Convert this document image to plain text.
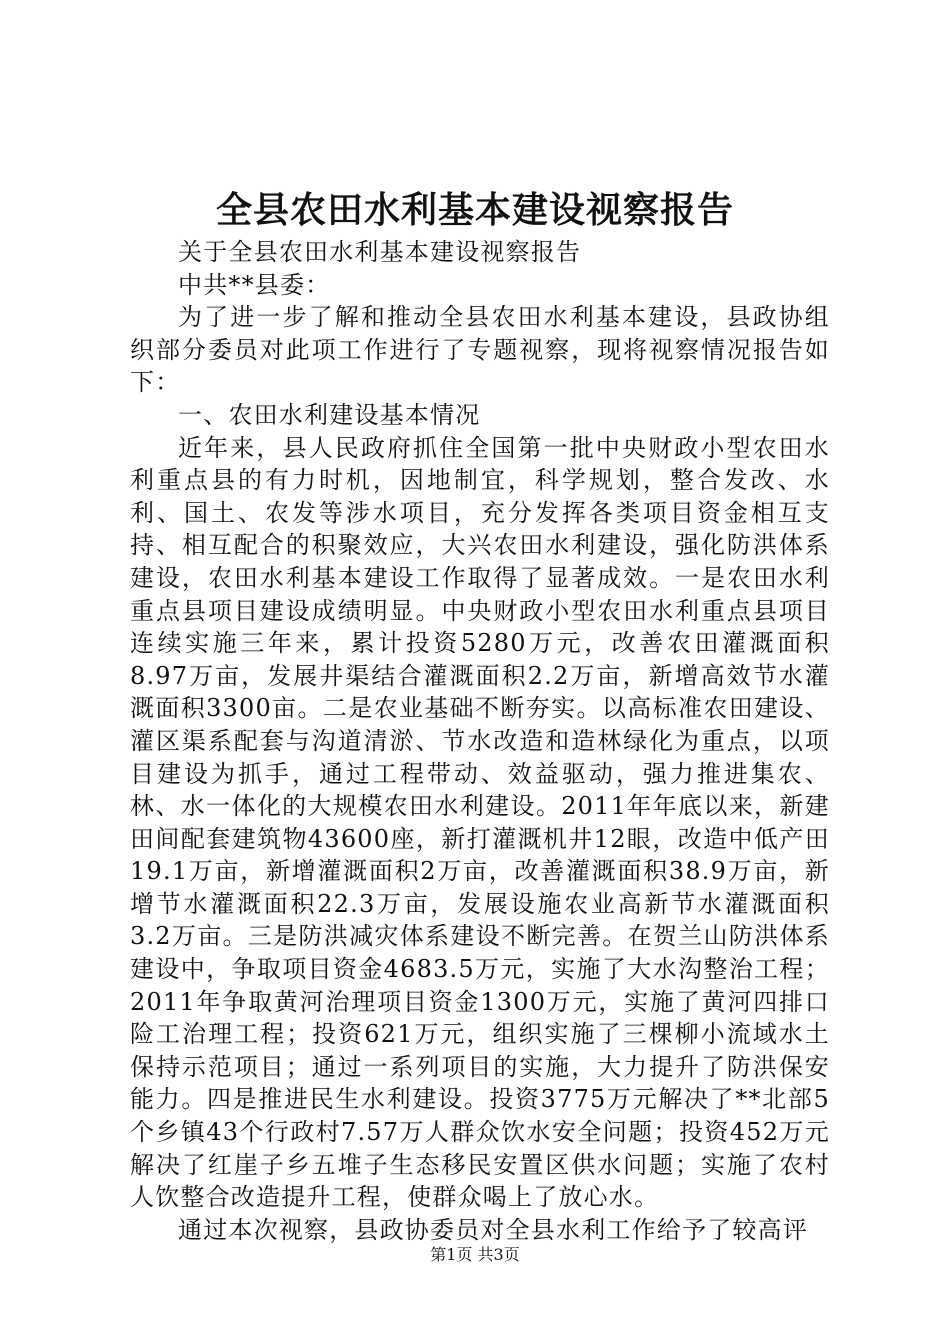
全县农田水利基本建设视察报告

关于全县农田水利基本建设视察报告

中共**县委：

为了进一步了解和推动全县农田水利基本建设，县政协组织部分委员对此项工作进行了专题视察，现将视察情况报告如下：

一、农田水利建设基本情况

近年来，县人民政府抓住全国第一批中央财政小型农田水利重点县的有力时机，因地制宜，科学规划，整合发改、水利、国土、农发等涉水项目，充分发挥各类项目资金相互支持、相互配合的积聚效应，大兴农田水利建设，强化防洪体系建设，农田水利基本建设工作取得了显著成效。一是农田水利重点县项目建设成绩明显。中央财政小型农田水利重点县项目连续实施三年来，累计投资5280万元，改善农田灌溉面积8.97万亩，发展井渠结合灌溉面积2.2万亩，新增高效节水灌溉面积3300亩。二是农业基础不断夯实。以高标准农田建设、灌区渠系配套与沟道清淤、节水改造和造林绿化为重点，以项目建设为抓手，通过工程带动、效益驱动，强力推进集农、林、水一体化的大规模农田水利建设。2011年年底以来，新建田间配套建筑物43600座，新打灌溉机井12眼，改造中低产田19.1万亩，新增灌溉面积2万亩，改善灌溉面积38.9万亩，新增节水灌溉面积22.3万亩，发展设施农业高新节水灌溉面积3.2万亩。三是防洪减灾体系建设不断完善。在贺兰山防洪体系建设中，争取项目资金4683.5万元，实施了大水沟整治工程；2011年争取黄河治理项目资金1300万元，实施了黄河四排口险工治理工程；投资621万元，组织实施了三棵柳小流域水土保持示范项目；通过一系列项目的实施，大力提升了防洪保安能力。四是推进民生水利建设。投资3775万元解决了**北部5个乡镇43个行政村7.57万人群众饮水安全问题；投资452万元解决了红崖子乡五堆子生态移民安置区供水问题；实施了农村人饮整合改造提升工程，使群众喝上了放心水。

通过本次视察，县政协委员对全县水利工作给予了较高评

第1页 共3页
